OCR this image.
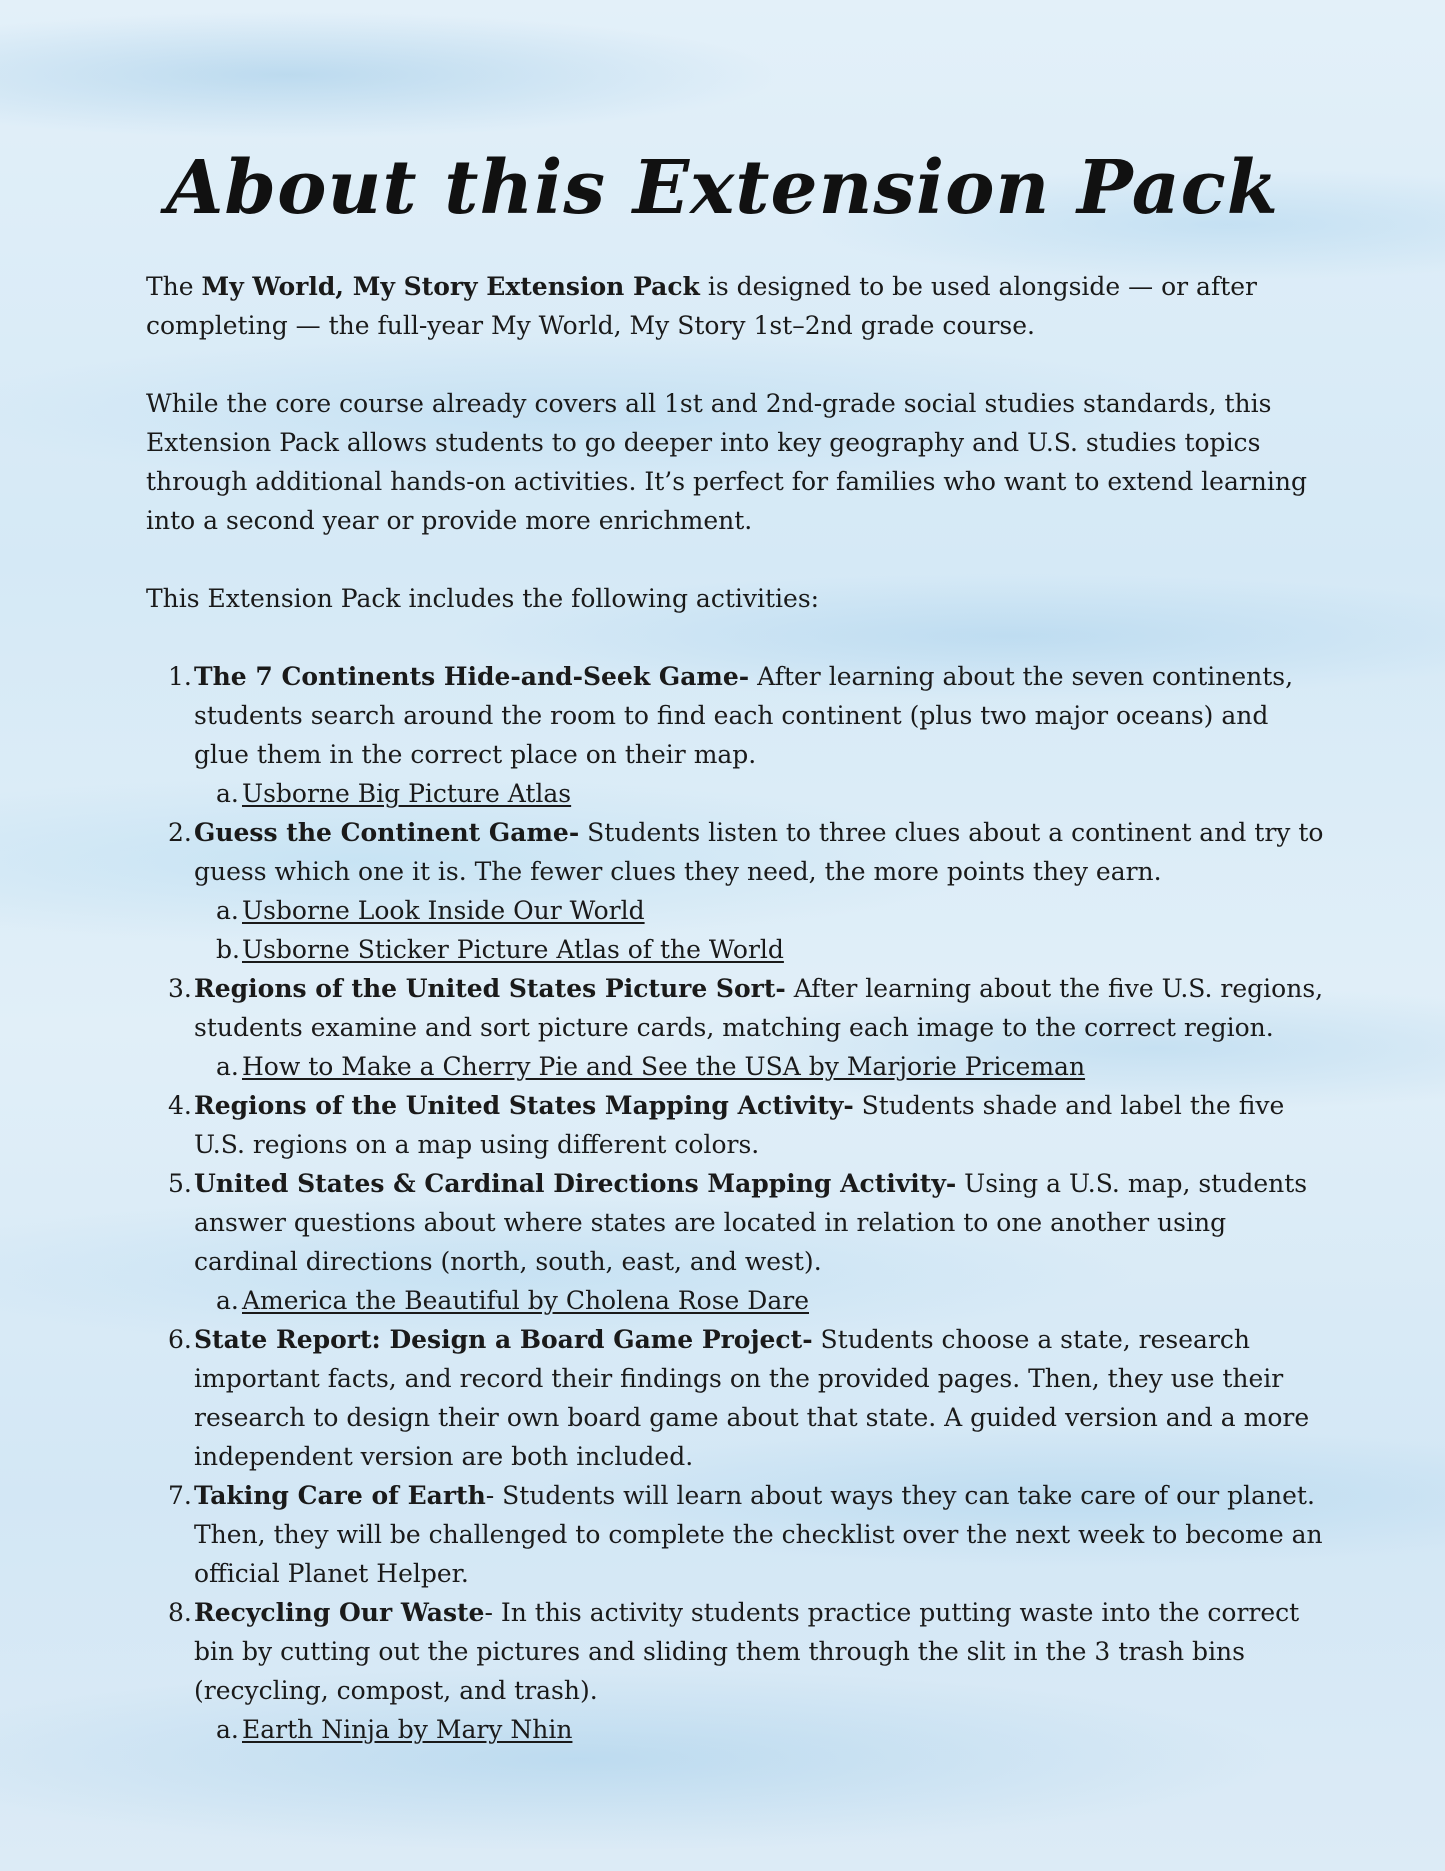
About this Extension Pack

The My World, My Story Extension Pack is designed to be used alongside — or after completing — the full-year My World, My Story 1st–2nd grade course.

While the core course already covers all 1st and 2nd-grade social studies standards, this Extension Pack allows students to go deeper into key geography and U.S. studies topics through additional hands-on activities. It’s perfect for families who want to extend learning into a second year or provide more enrichment.

This Extension Pack includes the following activities:

1. The 7 Continents Hide-and-Seek Game- After learning about the seven continents, students search around the room to find each continent (plus two major oceans) and glue them in the correct place on their map.
a. Usborne Big Picture Atlas
2. Guess the Continent Game- Students listen to three clues about a continent and try to guess which one it is. The fewer clues they need, the more points they earn.
a. Usborne Look Inside Our World
b. Usborne Sticker Picture Atlas of the World
3. Regions of the United States Picture Sort- After learning about the five U.S. regions, students examine and sort picture cards, matching each image to the correct region.
a. How to Make a Cherry Pie and See the USA by Marjorie Priceman
4. Regions of the United States Mapping Activity- Students shade and label the five U.S. regions on a map using different colors.
5. United States & Cardinal Directions Mapping Activity- Using a U.S. map, students answer questions about where states are located in relation to one another using cardinal directions (north, south, east, and west).
a. America the Beautiful by Cholena Rose Dare
6. State Report: Design a Board Game Project- Students choose a state, research important facts, and record their findings on the provided pages. Then, they use their research to design their own board game about that state. A guided version and a more independent version are both included.
7. Taking Care of Earth- Students will learn about ways they can take care of our planet. Then, they will be challenged to complete the checklist over the next week to become an official Planet Helper.
8. Recycling Our Waste- In this activity students practice putting waste into the correct bin by cutting out the pictures and sliding them through the slit in the 3 trash bins (recycling, compost, and trash).
a. Earth Ninja by Mary Nhin
